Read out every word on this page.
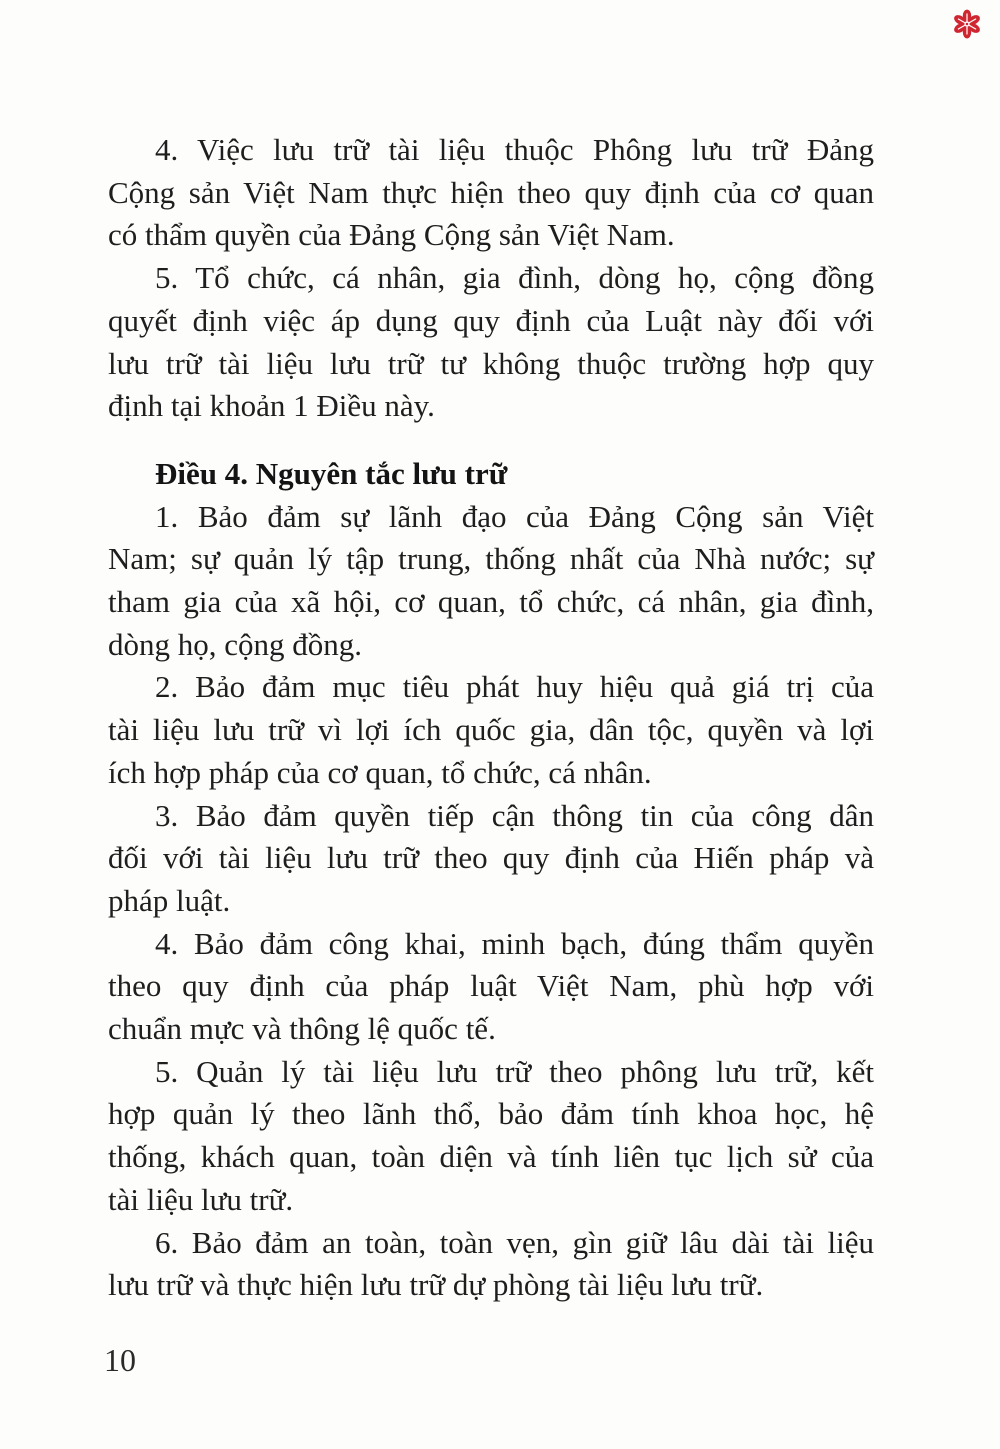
4. Việc lưu trữ tài liệu thuộc Phông lưu trữ Đảng
Cộng sản Việt Nam thực hiện theo quy định của cơ quan
có thẩm quyền của Đảng Cộng sản Việt Nam.
5. Tổ chức, cá nhân, gia đình, dòng họ, cộng đồng
quyết định việc áp dụng quy định của Luật này đối với
lưu trữ tài liệu lưu trữ tư không thuộc trường hợp quy
định tại khoản 1 Điều này.
Điều 4. Nguyên tắc lưu trữ
1. Bảo đảm sự lãnh đạo của Đảng Cộng sản Việt
Nam; sự quản lý tập trung, thống nhất của Nhà nước; sự
tham gia của xã hội, cơ quan, tổ chức, cá nhân, gia đình,
dòng họ, cộng đồng.
2. Bảo đảm mục tiêu phát huy hiệu quả giá trị của
tài liệu lưu trữ vì lợi ích quốc gia, dân tộc, quyền và lợi
ích hợp pháp của cơ quan, tổ chức, cá nhân.
3. Bảo đảm quyền tiếp cận thông tin của công dân
đối với tài liệu lưu trữ theo quy định của Hiến pháp và
pháp luật.
4. Bảo đảm công khai, minh bạch, đúng thẩm quyền
theo quy định của pháp luật Việt Nam, phù hợp với
chuẩn mực và thông lệ quốc tế.
5. Quản lý tài liệu lưu trữ theo phông lưu trữ, kết
hợp quản lý theo lãnh thổ, bảo đảm tính khoa học, hệ
thống, khách quan, toàn diện và tính liên tục lịch sử của
tài liệu lưu trữ.
6. Bảo đảm an toàn, toàn vẹn, gìn giữ lâu dài tài liệu
lưu trữ và thực hiện lưu trữ dự phòng tài liệu lưu trữ.
10
